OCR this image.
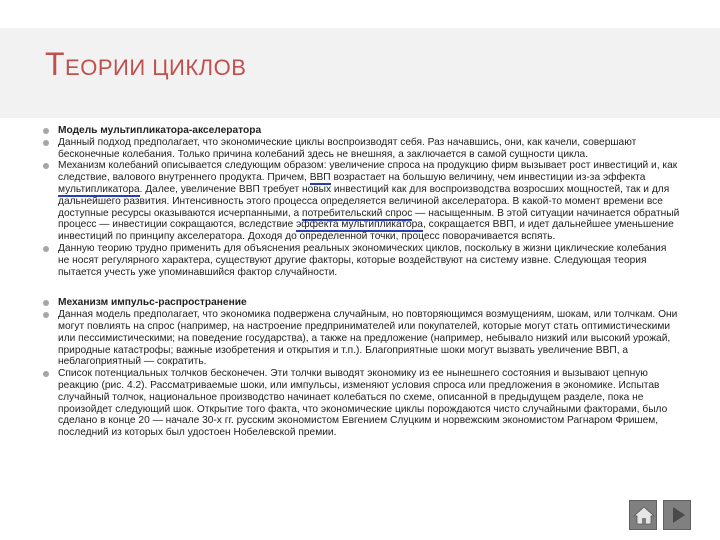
ТЕОРИИ ЦИКЛОВ
Модель мультипликатора-акселератора
Данный подход предполагает, что экономические циклы воспроизводят себя. Раз начавшись, они, как качели, совершают бесконечные колебания. Только причина колебаний здесь не внешняя, а заключается в самой сущности цикла.
Механизм колебаний описывается следующим образом: увеличение спроса на продукцию фирм вызывает рост инвестиций и, как следствие, валового внутреннего продукта. Причем, ВВП возрастает на большую величину, чем инвестиции из-за эффекта мультипликатора. Далее, увеличение ВВП требует новых инвестиций как для воспроизводства возросших мощностей, так и для дальнейшего развития. Интенсивность этого процесса определяется величиной акселератора. В какой-то момент времени все доступные ресурсы оказываются исчерпанными, а потребительский спрос — насыщенным. В этой ситуации начинается обратный процесс — инвестиции сокращаются, вследствие эффекта мультипликатора, сокращается ВВП, и идет дальнейшее уменьшение инвестиций по принципу акселератора. Доходя до определенной точки, процесс поворачивается вспять.
Данную теорию трудно применить для объяснения реальных экономических циклов, поскольку в жизни циклические колебания не носят регулярного характера, существуют другие факторы, которые воздействуют на систему извне. Следующая теория пытается учесть уже упоминавшийся фактор случайности.
Механизм импульс-распространение
Данная модель предполагает, что экономика подвержена случайным, но повторяющимся возмущениям, шокам, или толчкам. Они могут повлиять на спрос (например, на настроение предпринимателей или покупателей, которые могут стать оптимистическими или пессимистическими; на поведение государства), а также на предложение (например, небывало низкий или высокий урожай, природные катастрофы; важные изобретения и открытия и т.п.). Благоприятные шоки могут вызвать увеличение ВВП, а неблагоприятный — сократить.
Список потенциальных толчков бесконечен. Эти толчки выводят экономику из ее нынешнего состояния и вызывают цепную реакцию (рис. 4.2). Рассматриваемые шоки, или импульсы, изменяют условия спроса или предложения в экономике. Испытав случайный толчок, национальное производство начинает колебаться по схеме, описанной в предыдущем разделе, пока не произойдет следующий шок. Открытие того факта, что экономические циклы порождаются чисто случайными факторами, было сделано в конце 20 — начале 30-х гг. русским экономистом Евгением Слуцким и норвежским экономистом Рагнаром Фришем, последний из которых был удостоен Нобелевской премии.
